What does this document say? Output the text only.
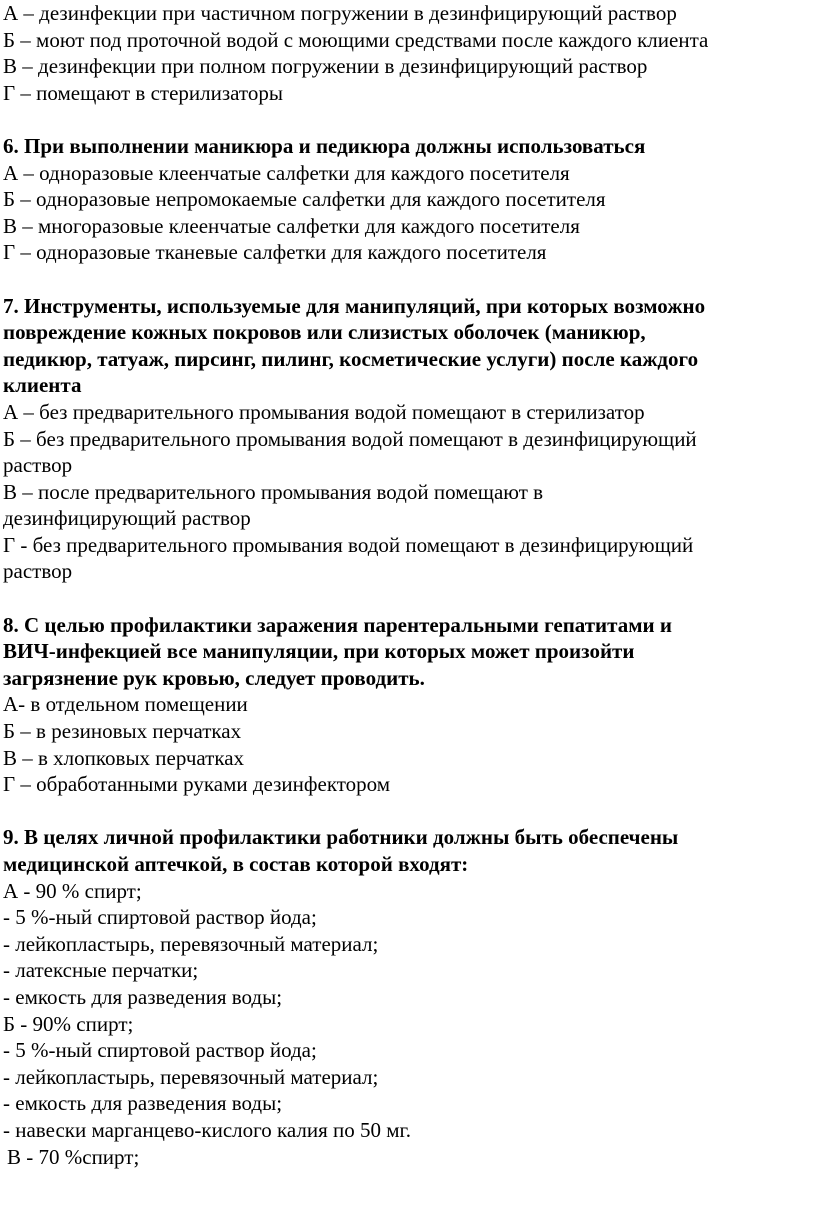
А – дезинфекции при частичном погружении в дезинфицирующий раствор
Б – моют под проточной водой с моющими средствами после каждого клиента
В – дезинфекции при полном погружении в дезинфицирующий раствор
Г – помещают в стерилизаторы
6. При выполнении маникюра и педикюра должны использоваться
А – одноразовые клеенчатые салфетки для каждого посетителя
Б – одноразовые непромокаемые салфетки для каждого посетителя
В – многоразовые клеенчатые салфетки для каждого посетителя
Г – одноразовые тканевые салфетки для каждого посетителя
7. Инструменты, используемые для манипуляций, при которых возможно
повреждение кожных покровов или слизистых оболочек (маникюр,
педикюр, татуаж, пирсинг, пилинг, косметические услуги) после каждого
клиента
А – без предварительного промывания водой помещают в стерилизатор
Б – без предварительного промывания водой помещают в дезинфицирующий
раствор
В – после предварительного промывания водой помещают в
дезинфицирующий раствор
Г - без предварительного промывания водой помещают в дезинфицирующий
раствор
8. С целью профилактики заражения парентеральными гепатитами и
ВИЧ-инфекцией все манипуляции, при которых может произойти
загрязнение рук кровью, следует проводить.
А- в отдельном помещении
Б – в резиновых перчатках
В – в хлопковых перчатках
Г – обработанными руками дезинфектором
9. В целях личной профилактики работники должны быть обеспечены
медицинской аптечкой, в состав которой входят:
А - 90 % спирт;
- 5 %-ный спиртовой раствор йода;
- лейкопластырь, перевязочный материал;
- латексные перчатки;
- емкость для разведения воды;
Б - 90% спирт;
- 5 %-ный спиртовой раствор йода;
- лейкопластырь, перевязочный материал;
- емкость для разведения воды;
- навески марганцево-кислого калия по 50 мг.
В - 70 %спирт;
